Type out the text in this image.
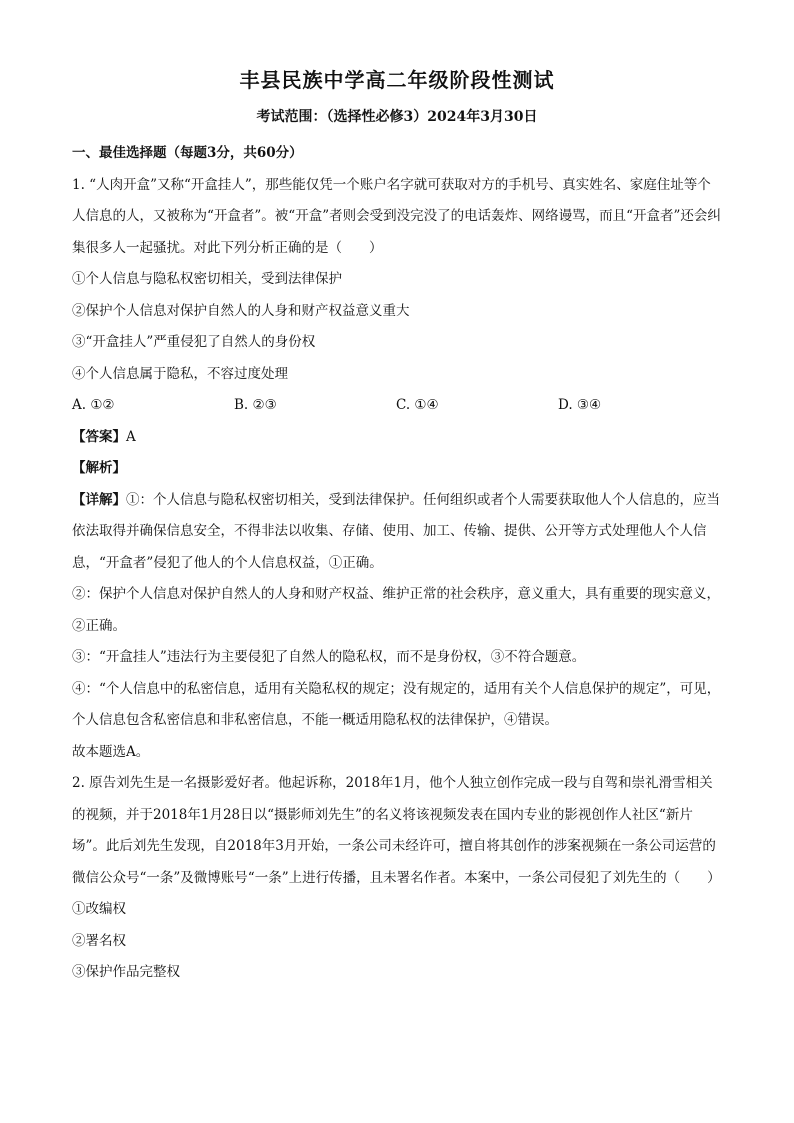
丰县民族中学高二年级阶段性测试
考试范围：（选择性必修3）2024年3月30日

一、最佳选择题（每题3分，共60分）

1. “人肉开盒”又称“开盒挂人”，那些能仅凭一个账户名字就可获取对方的手机号、真实姓名、家庭住址等个人信息的人，又被称为“开盒者”。被“开盒”者则会受到没完没了的电话轰炸、网络谩骂，而且“开盒者”还会纠集很多人一起骚扰。对此下列分析正确的是（　　）

①个人信息与隐私权密切相关，受到法律保护

②保护个人信息对保护自然人的人身和财产权益意义重大

③“开盒挂人”严重侵犯了自然人的身份权

④个人信息属于隐私，不容过度处理

A. ①②	B. ②③	C. ①④	D. ③④

【答案】A

【解析】

【详解】①：个人信息与隐私权密切相关，受到法律保护。任何组织或者个人需要获取他人个人信息的，应当依法取得并确保信息安全，不得非法以收集、存储、使用、加工、传输、提供、公开等方式处理他人个人信息，“开盒者”侵犯了他人的个人信息权益，①正确。

②：保护个人信息对保护自然人的人身和财产权益、维护正常的社会秩序，意义重大，具有重要的现实意义，②正确。

③：“开盒挂人”违法行为主要侵犯了自然人的隐私权，而不是身份权，③不符合题意。

④：“个人信息中的私密信息，适用有关隐私权的规定；没有规定的，适用有关个人信息保护的规定”，可见，个人信息包含私密信息和非私密信息，不能一概适用隐私权的法律保护，④错误。

故本题选A。

2. 原告刘先生是一名摄影爱好者。他起诉称，2018年1月，他个人独立创作完成一段与自驾和崇礼滑雪相关的视频，并于2018年1月28日以“摄影师刘先生”的名义将该视频发表在国内专业的影视创作人社区“新片场”。此后刘先生发现，自2018年3月开始，一条公司未经许可，擅自将其创作的涉案视频在一条公司运营的微信公众号“一条”及微博账号“一条”上进行传播，且未署名作者。本案中，一条公司侵犯了刘先生的（　　）

①改编权

②署名权

③保护作品完整权
